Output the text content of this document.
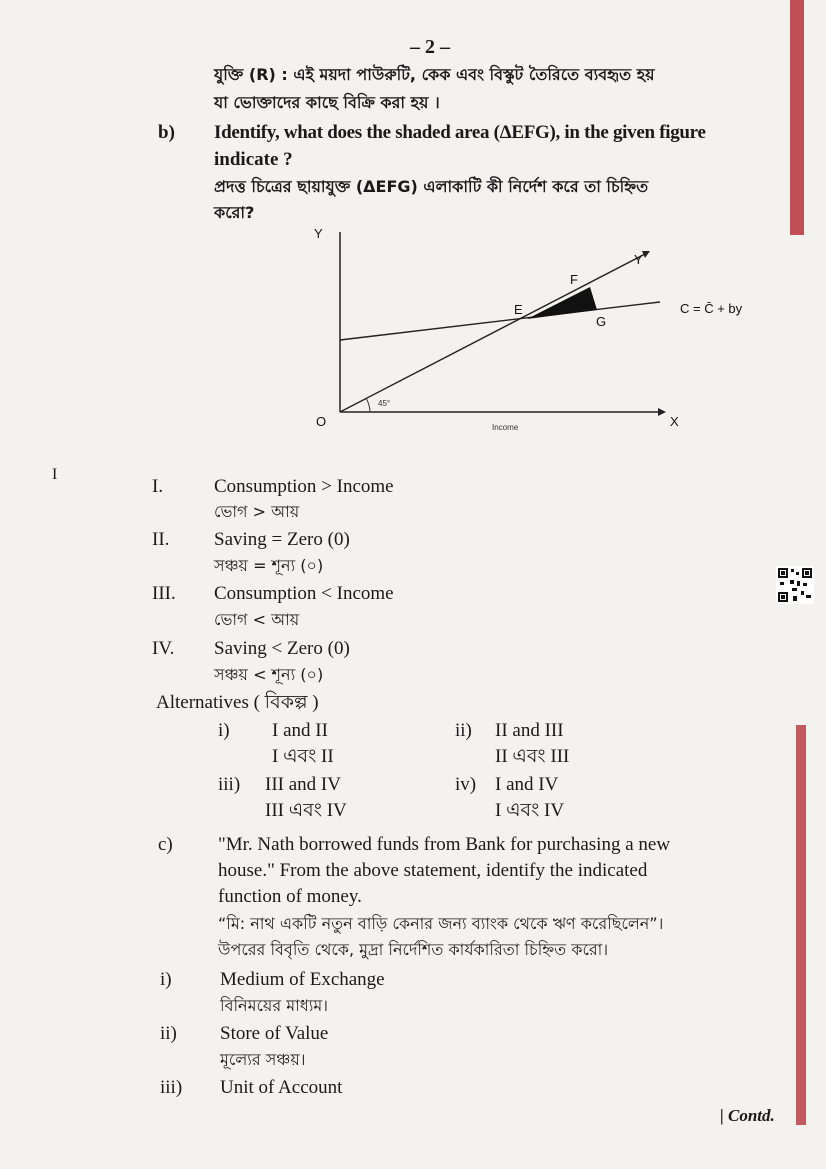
– 2 –
যুক্তি (R) : এই ময়দা পাউরুটি, কেক এবং বিস্কুট তৈরিতে ব্যবহৃত হয়
যা ভোক্তাদের কাছে বিক্রি করা হয় ।
b) Identify, what does the shaded area (ΔEFG), in the given figure
indicate ?
প্রদত্ত চিত্রের ছায়াযুক্ত (ΔEFG) এলাকাটি কী নির্দেশ করে তা চিহ্নিত
করো?
Y
X
O	Income
Y
C = C̄ + by
E
F
G
45°
I
I.	Consumption > Income
ভোগ > আয়
II. Saving = Zero (0)
সঞ্চয় = শূন্য (০)
III. Consumption < Income
ভোগ < আয়
IV. Saving < Zero (0)
সঞ্চয় < শূন্য (০)
Alternatives ( বিকল্প )
i) I and II
I এবং II
ii) II and III
II এবং III
iii) III and IV
III এবং IV
iv) I and IV
I এবং IV
c) "Mr. Nath borrowed funds from Bank for purchasing a new
house." From the above statement, identify the indicated
function of money.
“মি: নাথ একটি নতুন বাড়ি কেনার জন্য ব্যাংক থেকে ঋণ করেছিলেন”।
উপরের বিবৃতি থেকে, মুদ্রা নির্দেশিত কার্যকারিতা চিহ্নিত করো।
i)	Medium of Exchange
বিনিময়ের মাধ্যম।
ii) Store of Value
মূল্যের সঞ্চয়।
iii) Unit of Account
| Contd.
